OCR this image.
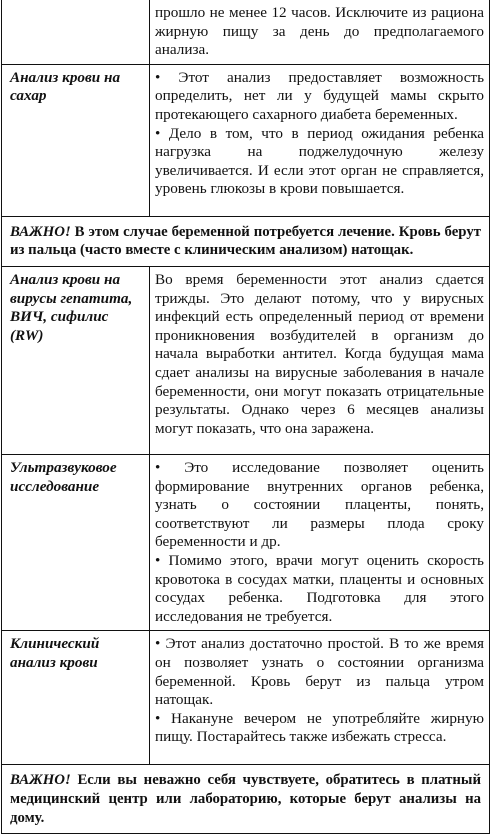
	прошло не менее 12 часов. Исключите из рациона жирную пищу за день до предполагаемого анализа.

Анализ крови на сахар	• Этот анализ предоставляет возможность определить, нет ли у будущей мамы скрыто протекающего сахарного диабета беременных.
• Дело в том, что в период ожидания ребенка нагрузка на поджелудочную железу увеличивается. И если этот орган не справляется, уровень глюкозы в крови повышается.

ВАЖНО! В этом случае беременной потребуется лечение. Кровь берут из пальца (часто вместе с клиническим анализом) натощак.	
Анализ крови на вирусы гепатита, ВИЧ, сифилис (RW)	Во время беременности этот анализ сдается трижды. Это делают потому, что у вирусных инфекций есть определенный период от времени проникновения возбудителей в организм до начала выработки антител. Когда будущая мама сдает анализы на вирусные заболевания в начале беременности, они могут показать отрицательные результаты. Однако через 6 месяцев анализы могут показать, что она заражена.

Ультразвуковое исследование	• Это исследование позволяет оценить формирование внутренних органов ребенка, узнать о состоянии плаценты, понять, соответствуют ли размеры плода сроку беременности и др.
• Помимо этого, врачи могут оценить скорость кровотока в сосудах матки, плаценты и основных сосудах ребенка. Подготовка для этого исследования не требуется.

Клинический анализ крови	• Этот анализ достаточно простой. В то же время он позволяет узнать о состоянии организма беременной. Кровь берут из пальца утром натощак.
• Накануне вечером не употребляйте жирную пищу. Постарайтесь также избежать стресса.

ВАЖНО! Если вы неважно себя чувствуете, обратитесь в платный медицинский центр или лабораторию, которые берут анализы на дому.	
